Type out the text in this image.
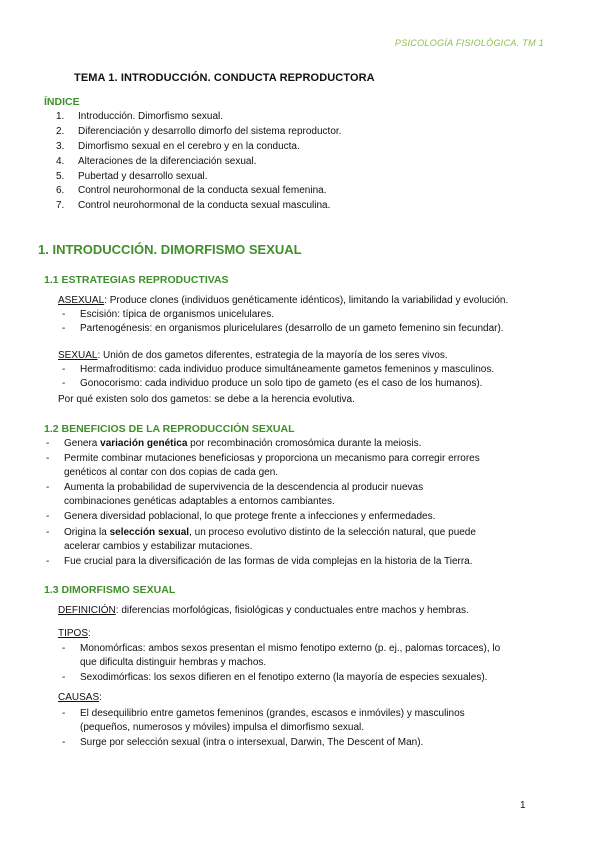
PSICOLOGÍA FISIOLÓGICA. TM 1
TEMA 1. INTRODUCCIÓN. CONDUCTA REPRODUCTORA
ÍNDICE
1. Introducción. Dimorfismo sexual.
2. Diferenciación y desarrollo dimorfo del sistema reproductor.
3. Dimorfismo sexual en el cerebro y en la conducta.
4. Alteraciones de la diferenciación sexual.
5. Pubertad y desarrollo sexual.
6. Control neurohormonal de la conducta sexual femenina.
7. Control neurohormonal de la conducta sexual masculina.
1. INTRODUCCIÓN. DIMORFISMO SEXUAL
1.1 ESTRATEGIAS REPRODUCTIVAS
ASEXUAL: Produce clones (individuos genéticamente idénticos), limitando la variabilidad y evolución.
- Escisión: típica de organismos unicelulares.
- Partenogénesis: en organismos pluricelulares (desarrollo de un gameto femenino sin fecundar).
SEXUAL: Unión de dos gametos diferentes, estrategia de la mayoría de los seres vivos.
- Hermafroditismo: cada individuo produce simultáneamente gametos femeninos y masculinos.
- Gonocorismo: cada individuo produce un solo tipo de gameto (es el caso de los humanos).
Por qué existen solo dos gametos: se debe a la herencia evolutiva.
1.2 BENEFICIOS DE LA REPRODUCCIÓN SEXUAL
- Genera variación genética por recombinación cromosómica durante la meiosis.
- Permite combinar mutaciones beneficiosas y proporciona un mecanismo para corregir errores
genéticos al contar con dos copias de cada gen.
- Aumenta la probabilidad de supervivencia de la descendencia al producir nuevas
combinaciones genéticas adaptables a entornos cambiantes.
- Genera diversidad poblacional, lo que protege frente a infecciones y enfermedades.
- Origina la selección sexual, un proceso evolutivo distinto de la selección natural, que puede
acelerar cambios y estabilizar mutaciones.
- Fue crucial para la diversificación de las formas de vida complejas en la historia de la Tierra.
1.3 DIMORFISMO SEXUAL
DEFINICIÓN: diferencias morfológicas, fisiológicas y conductuales entre machos y hembras.
TIPOS:
- Monomórficas: ambos sexos presentan el mismo fenotipo externo (p. ej., palomas torcaces), lo
que dificulta distinguir hembras y machos.
- Sexodimórficas: los sexos difieren en el fenotipo externo (la mayoría de especies sexuales).
CAUSAS:
- El desequilibrio entre gametos femeninos (grandes, escasos e inmóviles) y masculinos
(pequeños, numerosos y móviles) impulsa el dimorfismo sexual.
- Surge por selección sexual (intra o intersexual, Darwin, The Descent of Man).
1
